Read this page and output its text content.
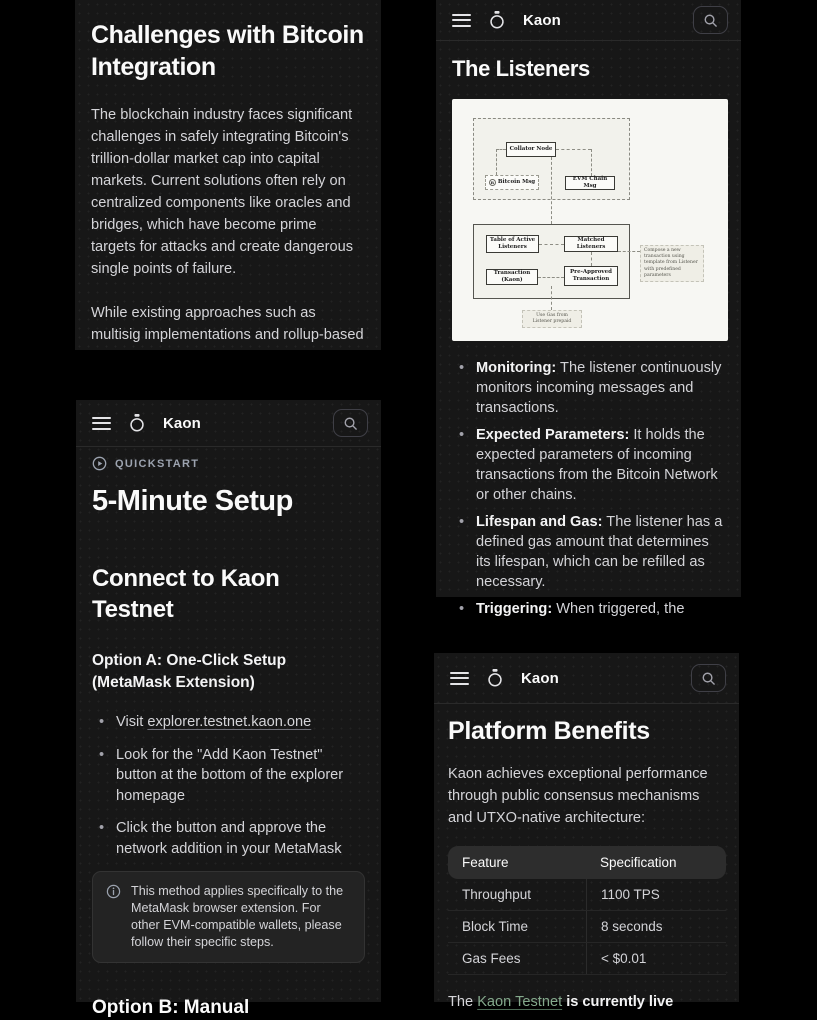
Challenges with Bitcoin Integration

The blockchain industry faces significant challenges in safely integrating Bitcoin's trillion-dollar market cap into capital markets. Current solutions often rely on centralized components like oracles and bridges, which have become prime targets for attacks and create dangerous single points of failure.

While existing approaches such as multisig implementations and rollup-based

Kaon
QUICKSTART
5-Minute Setup
Connect to Kaon Testnet
Option A: One-Click Setup (MetaMask Extension)
• Visit explorer.testnet.kaon.one
• Look for the "Add Kaon Testnet" button at the bottom of the explorer homepage
• Click the button and approve the network addition in your MetaMask
This method applies specifically to the MetaMask browser extension. For other EVM-compatible wallets, please follow their specific steps.
Option B: Manual
Kaon
The Listeners
Collator Node
B Bitcoin Msg	EVM Chain Msg
Table of Active Listeners
Matched Listeners
Transaction (Kaon)
Pre-Approved Transaction
Compose a new transaction using template from Listener with predefined parameters
Use Gas from Listener prepaid
• Monitoring: The listener continuously monitors incoming messages and transactions.
• Expected Parameters: It holds the expected parameters of incoming transactions from the Bitcoin Network or other chains.
• Lifespan and Gas: The listener has a defined gas amount that determines its lifespan, which can be refilled as necessary.
• Triggering: When triggered, the
Kaon
Platform Benefits

Kaon achieves exceptional performance through public consensus mechanisms and UTXO-native architecture:

Feature	Specification
Throughput	1100 TPS
Block Time	8 seconds
Gas Fees	< $0.01

The Kaon Testnet is currently live
